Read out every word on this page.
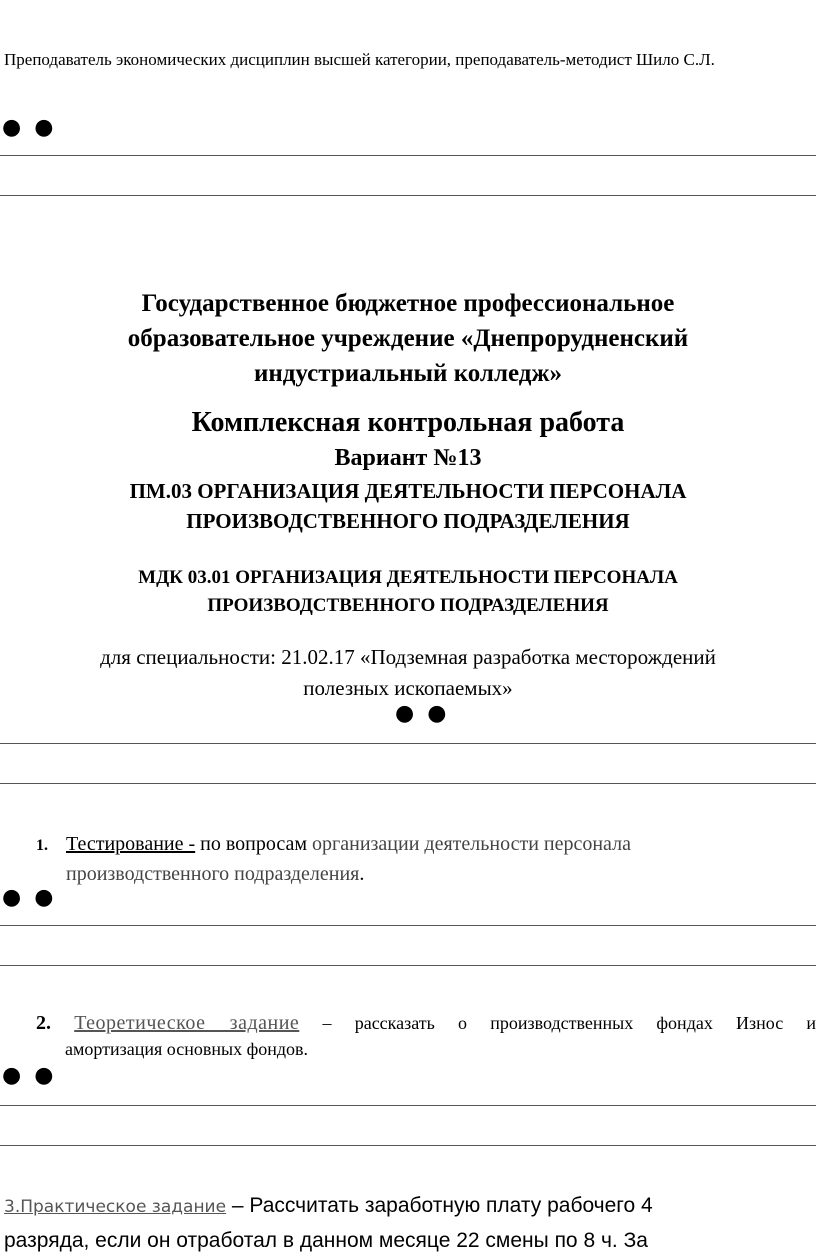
Преподаватель экономических дисциплин высшей категории, преподаватель-методист Шило С.Л.
● ●
Государственное бюджетное профессиональное
образовательное учреждение «Днепрорудненский
индустриальный колледж»
Комплексная контрольная работа
Вариант №13
ПМ.03 ОРГАНИЗАЦИЯ ДЕЯТЕЛЬНОСТИ ПЕРСОНАЛА
ПРОИЗВОДСТВЕННОГО ПОДРАЗДЕЛЕНИЯ
МДК 03.01 ОРГАНИЗАЦИЯ ДЕЯТЕЛЬНОСТИ ПЕРСОНАЛА
ПРОИЗВОДСТВЕННОГО ПОДРАЗДЕЛЕНИЯ
для специальности: 21.02.17 «Подземная разработка месторождений
полезных ископаемых»
● ●
1. Тестирование - по вопросам организации деятельности персонала
производственного подразделения.
● ●
2. Теоретическое задание – рассказать о производственных фондах Износ и
амортизация основных фондов.
● ●
3.Практическое задание – Рассчитать заработную плату рабочего 4
разряда, если он отработал в данном месяце 22 смены по 8 ч. За
